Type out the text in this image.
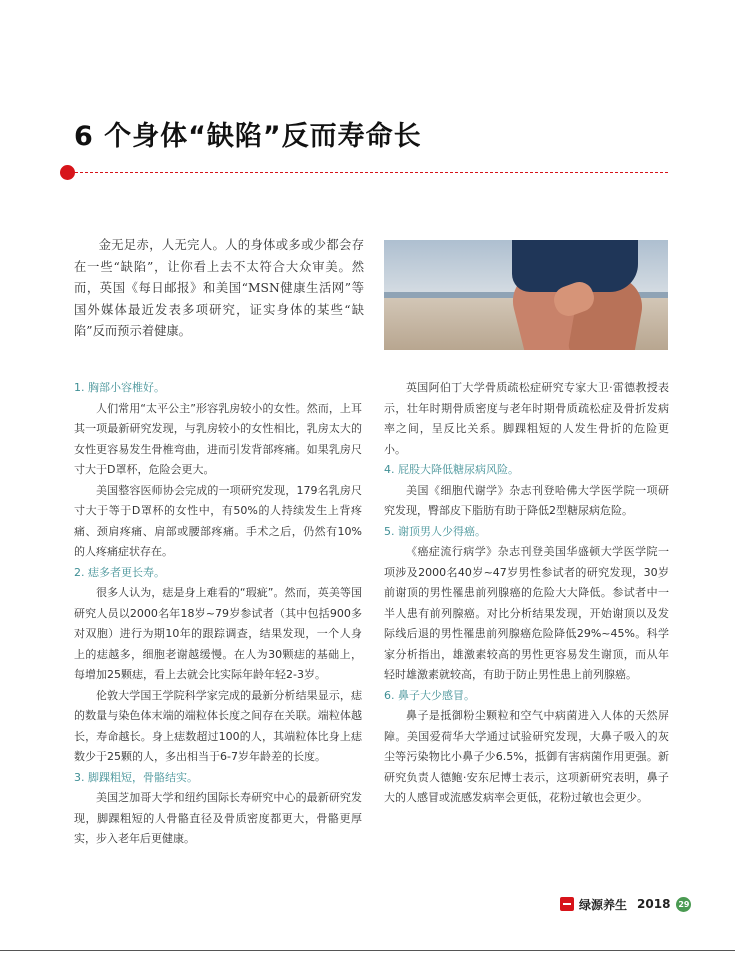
6 个身体“缺陷”反而寿命长

金无足赤，人无完人。人的身体或多或少都会存在一些“缺陷”，让你看上去不太符合大众审美。然而，英国《每日邮报》和美国“MSN健康生活网”等国外媒体最近发表多项研究，证实身体的某些“缺陷”反而预示着健康。

1. 胸部小容椎好。

人们常用“太平公主”形容乳房较小的女性。然而，上耳其一项最新研究发现，与乳房较小的女性相比，乳房太大的女性更容易发生骨椎弯曲，进而引发背部疼痛。如果乳房尺寸大于D罩杯，危险会更大。

美国整容医师协会完成的一项研究发现，179名乳房尺寸大于等于D罩杯的女性中，有50%的人持续发生上背疼痛、颈肩疼痛、肩部或腰部疼痛。手术之后，仍然有10%的人疼痛症状存在。

2. 痣多者更长寿。

很多人认为，痣是身上难看的“瑕疵”。然而，英美等国研究人员以2000名年18岁~79岁参试者（其中包括900多对双胞）进行为期10年的跟踪调查，结果发现，一个人身上的痣越多，细胞老谢越缓慢。在人为30颗痣的基础上，每增加25颗痣，看上去就会比实际年龄年轻2-3岁。

伦敦大学国王学院科学家完成的最新分析结果显示，痣的数量与染色体末端的端粒体长度之间存在关联。端粒体越长，寿命越长。身上痣数超过100的人，其端粒体比身上痣数少于25颗的人，多出相当于6-7岁年龄差的长度。

3. 脚踝粗短，骨骼结实。

美国芝加哥大学和纽约国际长寿研究中心的最新研究发现，脚踝粗短的人骨骼直径及骨质密度都更大，骨骼更厚实，步入老年后更健康。

英国阿伯丁大学骨质疏松症研究专家大卫·雷德教授表示，壮年时期骨质密度与老年时期骨质疏松症及骨折发病率之间，呈反比关系。脚踝粗短的人发生骨折的危险更小。

4. 屁股大降低糖尿病风险。

美国《细胞代谢学》杂志刊登哈佛大学医学院一项研究发现，臀部皮下脂肪有助于降低2型糖尿病危险。

5. 谢顶男人少得癌。

《癌症流行病学》杂志刊登美国华盛顿大学医学院一项涉及2000名40岁~47岁男性参试者的研究发现，30岁前谢顶的男性罹患前列腺癌的危险大大降低。参试者中一半人患有前列腺癌。对比分析结果发现，开始谢顶以及发际线后退的男性罹患前列腺癌危险降低29%~45%。科学家分析指出，雄激素较高的男性更容易发生谢顶，而从年轻时雄激素就较高，有助于防止男性患上前列腺癌。

6. 鼻子大少感冒。

鼻子是抵御粉尘颗粒和空气中病菌进入人体的天然屏障。美国爱荷华大学通过试验研究发现，大鼻子吸入的灰尘等污染物比小鼻子少6.5%，抵御有害病菌作用更强。新研究负责人德鲍·安东尼博士表示，这项新研究表明，鼻子大的人感冒或流感发病率会更低，花粉过敏也会更少。

绿源养生 2018 29
